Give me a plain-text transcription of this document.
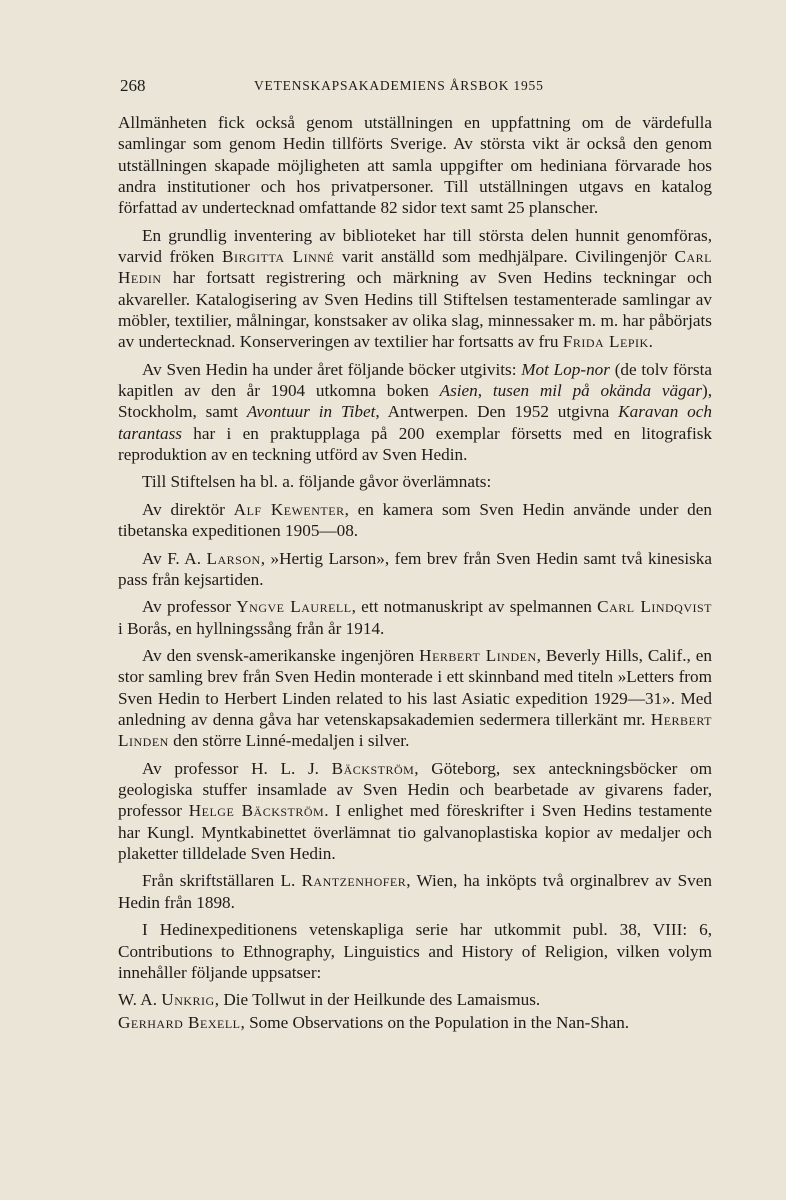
268	VETENSKAPSAKADEMIENS ÅRSBOK 1955

Allmänheten fick också genom utställningen en uppfattning om de värdefulla samlingar som genom Hedin tillförts Sverige. Av största vikt är också den genom utställningen skapade möjligheten att samla uppgifter om hediniana förvarade hos andra institutioner och hos privatpersoner. Till utställningen utgavs en katalog författad av undertecknad omfattande 82 sidor text samt 25 planscher.

En grundlig inventering av biblioteket har till största delen hunnit genomföras, varvid fröken Birgitta Linné varit anställd som medhjälpare. Civilingenjör Carl Hedin har fortsatt registrering och märkning av Sven Hedins teckningar och akvareller. Katalogisering av Sven Hedins till Stiftelsen testamenterade samlingar av möbler, textilier, målningar, konstsaker av olika slag, minnessaker m. m. har påbörjats av undertecknad. Konserveringen av textilier har fortsatts av fru Frida Lepik.

Av Sven Hedin ha under året följande böcker utgivits: Mot Lop-nor (de tolv första kapitlen av den år 1904 utkomna boken Asien, tusen mil på okända vägar), Stockholm, samt Avontuur in Tibet, Antwerpen. Den 1952 utgivna Karavan och tarantass har i en praktupplaga på 200 exemplar försetts med en litografisk reproduktion av en teckning utförd av Sven Hedin.

Till Stiftelsen ha bl. a. följande gåvor överlämnats:

Av direktör Alf Kewenter, en kamera som Sven Hedin använde under den tibetanska expeditionen 1905—08.

Av F. A. Larson, »Hertig Larson», fem brev från Sven Hedin samt två kinesiska pass från kejsartiden.

Av professor Yngve Laurell, ett notmanuskript av spelmannen Carl Lindqvist i Borås, en hyllningssång från år 1914.

Av den svensk-amerikanske ingenjören Herbert Linden, Beverly Hills, Calif., en stor samling brev från Sven Hedin monterade i ett skinnband med titeln »Letters from Sven Hedin to Herbert Linden related to his last Asiatic expedition 1929—31». Med anledning av denna gåva har vetenskapsakademien sedermera tillerkänt mr. Herbert Linden den större Linné-medaljen i silver.

Av professor H. L. J. Bäckström, Göteborg, sex anteckningsböcker om geologiska stuffer insamlade av Sven Hedin och bearbetade av givarens fader, professor Helge Bäckström. I enlighet med föreskrifter i Sven Hedins testamente har Kungl. Myntkabinettet överlämnat tio galvanoplastiska kopior av medaljer och plaketter tilldelade Sven Hedin.

Från skriftställaren L. Rantzenhofer, Wien, ha inköpts två orginalbrev av Sven Hedin från 1898.

I Hedinexpeditionens vetenskapliga serie har utkommit publ. 38, VIII: 6, Contributions to Ethnography, Linguistics and History of Religion, vilken volym innehåller följande uppsatser:

W. A. Unkrig, Die Tollwut in der Heilkunde des Lamaismus.

Gerhard Bexell, Some Observations on the Population in the Nan-Shan.
